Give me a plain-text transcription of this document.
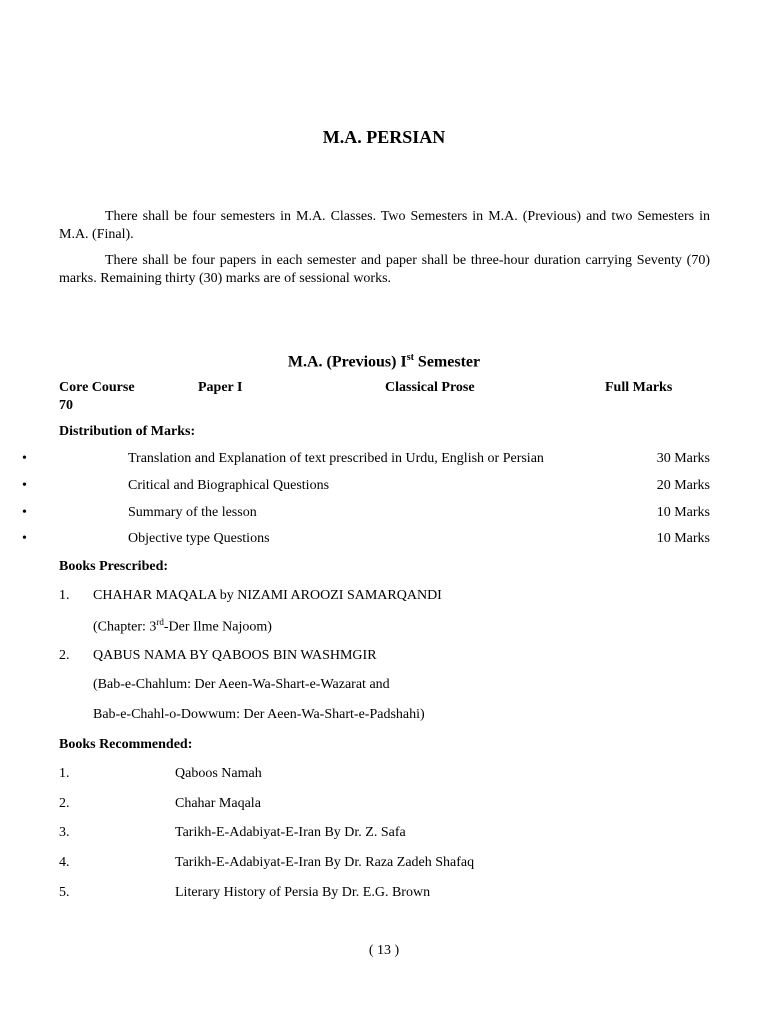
M.A. PERSIAN
There shall be four semesters in M.A. Classes. Two Semesters in M.A. (Previous) and two Semesters in M.A. (Final).
There shall be four papers in each semester and paper shall be three-hour duration carrying Seventy (70) marks. Remaining thirty (30) marks are of sessional works.
M.A. (Previous) Ist Semester
Core Course	Paper I	Classical Prose	Full Marks
70
Distribution of Marks:
•	Translation and Explanation of text prescribed in Urdu, English or Persian	30 Marks
•	Critical and Biographical Questions	20 Marks
•	Summary of the lesson	10 Marks
•	Objective type Questions	10 Marks
Books Prescribed:
1. CHAHAR MAQALA by NIZAMI AROOZI SAMARQANDI
(Chapter: 3rd-Der Ilme Najoom)
2. QABUS NAMA BY QABOOS BIN WASHMGIR
(Bab-e-Chahlum: Der Aeen-Wa-Shart-e-Wazarat and
Bab-e-Chahl-o-Dowwum: Der Aeen-Wa-Shart-e-Padshahi)
Books Recommended:
1.	Qaboos Namah
2.	Chahar Maqala
3.	Tarikh-E-Adabiyat-E-Iran By Dr. Z. Safa
4.	Tarikh-E-Adabiyat-E-Iran By Dr. Raza Zadeh Shafaq
5.	Literary History of Persia By Dr. E.G. Brown
( 13 )
